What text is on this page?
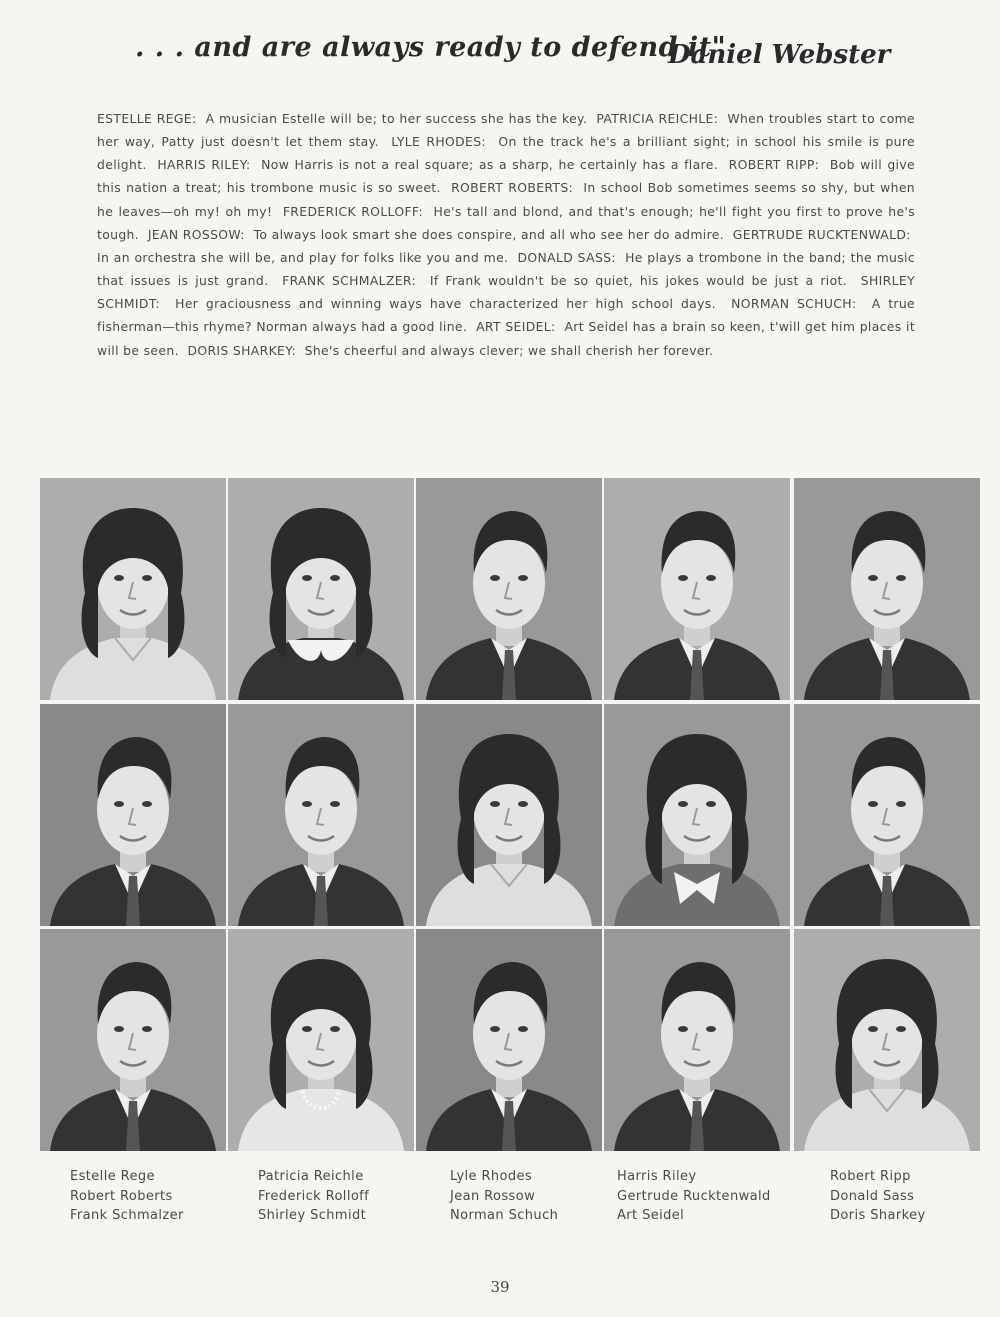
. . . and are always ready to defend it"
Daniel Webster

ESTELLE REGE: A musician Estelle will be; to her success she has the key. PATRICIA REICHLE: When troubles start to come her way, Patty just doesn't let them stay. LYLE RHODES: On the track he's a brilliant sight; in school his smile is pure delight. HARRIS RILEY: Now Harris is not a real square; as a sharp, he certainly has a flare. ROBERT RIPP: Bob will give this nation a treat; his trombone music is so sweet. ROBERT ROBERTS: In school Bob sometimes seems so shy, but when he leaves—oh my! oh my! FREDERICK ROLLOFF: He's tall and blond, and that's enough; he'll fight you first to prove he's tough. JEAN ROSSOW: To always look smart she does conspire, and all who see her do admire. GERTRUDE RUCKTENWALD:  In an orchestra she will be, and play for folks like you and me. DONALD SASS: He plays a trombone in the band; the music that issues is just grand. FRANK SCHMALZER: If Frank wouldn't be so quiet, his jokes would be just a riot. SHIRLEY SCHMIDT: Her graciousness and winning ways have characterized her high school days. NORMAN SCHUCH: A true fisherman—this rhyme? Norman always had a good line. ART SEIDEL: Art Seidel has a brain so keen, t'will get him places it will be seen. DORIS SHARKEY: She's cheerful and always clever; we shall cherish her forever.

Estelle Rege
Robert Roberts
Frank Schmalzer
Patricia Reichle
Frederick Rolloff
Shirley Schmidt
Lyle Rhodes
Jean Rossow
Norman Schuch
Harris Riley
Gertrude Rucktenwald
Art Seidel
Robert Ripp
Donald Sass
Doris Sharkey
39
